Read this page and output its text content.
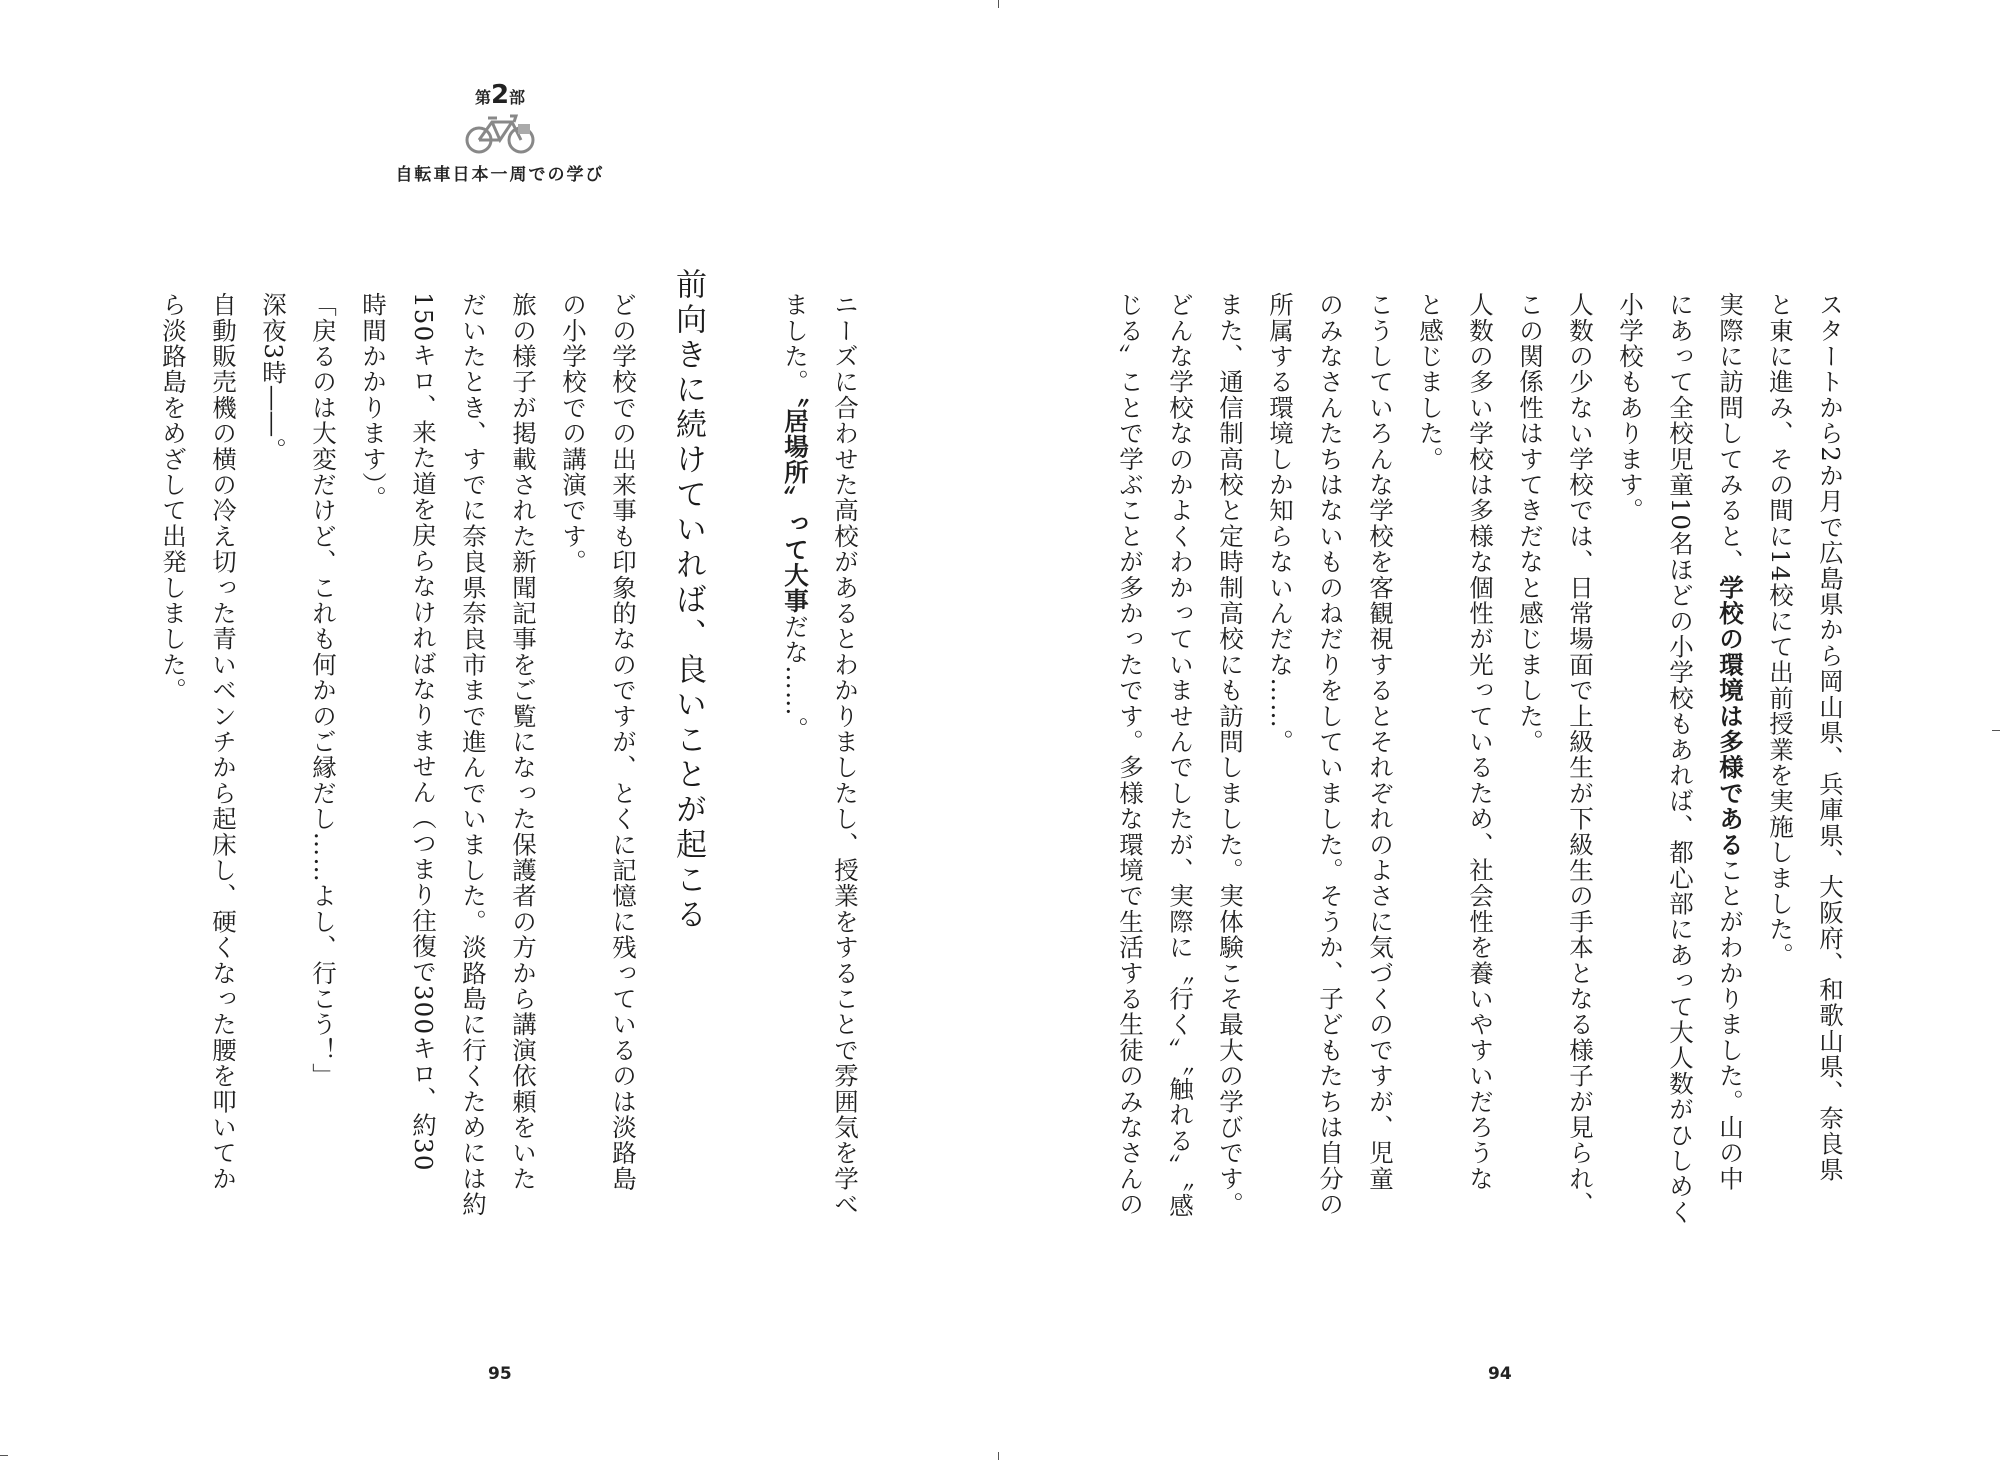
第2部
自転車日本一周での学び
スタートから2か月で広島県から岡山県、兵庫県、大阪府、和歌山県、奈良県
と東に進み、その間に14校にて出前授業を実施しました。
実際に訪問してみると、学校の環境は多様であることがわかりました。山の中
にあって全校児童10名ほどの小学校もあれば、都心部にあって大人数がひしめく
小学校もあります。
人数の少ない学校では、日常場面で上級生が下級生の手本となる様子が見られ、
この関係性はすてきだなと感じました。
人数の多い学校は多様な個性が光っているため、社会性を養いやすいだろうな
と感じました。
こうしていろんな学校を客観視するとそれぞれのよさに気づくのですが、児童
のみなさんたちはないものねだりをしていました。そうか、子どもたちは自分の
所属する環境しか知らないんだな……。
また、通信制高校と定時制高校にも訪問しました。実体験こそ最大の学びです。
どんな学校なのかよくわかっていませんでしたが、実際に〝行く〟〝触れる〟〝感
じる〟ことで学ぶことが多かったです。多様な環境で生活する生徒のみなさんの
94
ニーズに合わせた高校があるとわかりましたし、授業をすることで雰囲気を学べ
ました。〝居場所〟って大事だな……。
前向きに続けていれば、良いことが起こる
どの学校での出来事も印象的なのですが、とくに記憶に残っているのは淡路島
の小学校での講演です。
旅の様子が掲載された新聞記事をご覧になった保護者の方から講演依頼をいた
だいたとき、すでに奈良県奈良市まで進んでいました。淡路島に行くためには約
150キロ、来た道を戻らなければなりません（つまり往復で300キロ、約30
時間かかります）。
「戻るのは大変だけど、これも何かのご縁だし……よし、行こう！」
深夜3時――。
自動販売機の横の冷え切った青いベンチから起床し、硬くなった腰を叩いてか
ら淡路島をめざして出発しました。
95
